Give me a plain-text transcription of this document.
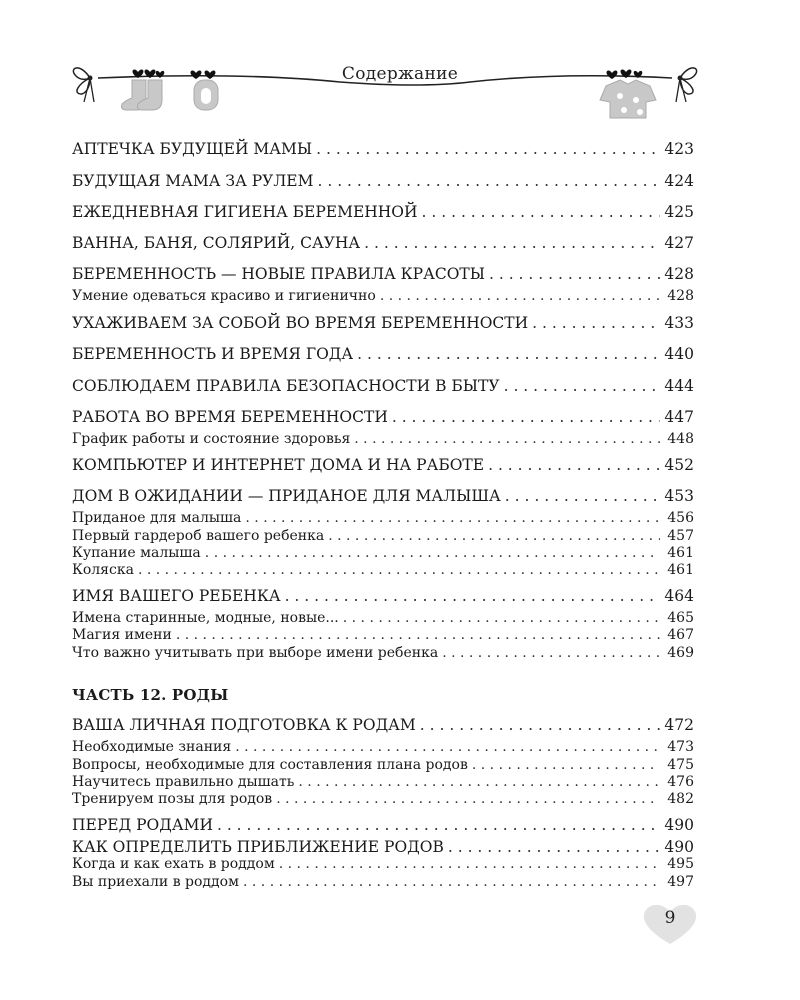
Содержание
АПТЕЧКА БУДУЩЕЙ МАМЫ . . .	423
БУДУЩАЯ МАМА ЗА РУЛЕМ . . .	424
ЕЖЕДНЕВНАЯ ГИГИЕНА БЕРЕМЕННОЙ . . .	425
ВАННА, БАНЯ, СОЛЯРИЙ, САУНА . . .	427
БЕРЕМЕННОСТЬ — НОВЫЕ ПРАВИЛА КРАСОТЫ . . .	428
Умение одеваться красиво и гигиенично . . .	428
УХАЖИВАЕМ ЗА СОБОЙ ВО ВРЕМЯ БЕРЕМЕННОСТИ . . .	433
БЕРЕМЕННОСТЬ И ВРЕМЯ ГОДА . . .	440
СОБЛЮДАЕМ ПРАВИЛА БЕЗОПАСНОСТИ В БЫТУ . . .	444
РАБОТА ВО ВРЕМЯ БЕРЕМЕННОСТИ . . .	447
График работы и состояние здоровья . . .	448
КОМПЬЮТЕР И ИНТЕРНЕТ ДОМА И НА РАБОТЕ . . .	452
ДОМ В ОЖИДАНИИ — ПРИДАНОЕ ДЛЯ МАЛЫША . . .	453
Приданое для малыша . . .	456
Первый гардероб вашего ребенка . . .	457
Купание малыша . . .	461
Коляска . . .	461
ИМЯ ВАШЕГО РЕБЕНКА . . .	464
Имена старинные, модные, новые... . . .	465
Магия имени . . .	467
Что важно учитывать при выборе имени ребенка . . .	469
ЧАСТЬ 12. РОДЫ
ВАША ЛИЧНАЯ ПОДГОТОВКА К РОДАМ . . .	472
Необходимые знания . . .	473
Вопросы, необходимые для составления плана родов . . .	475
Научитесь правильно дышать . . .	476
Тренируем позы для родов . . .	482
ПЕРЕД РОДАМИ . . .	490
КАК ОПРЕДЕЛИТЬ ПРИБЛИЖЕНИЕ РОДОВ . . .	490
Когда и как ехать в роддом . . .	495
Вы приехали в роддом . . .	497
9
